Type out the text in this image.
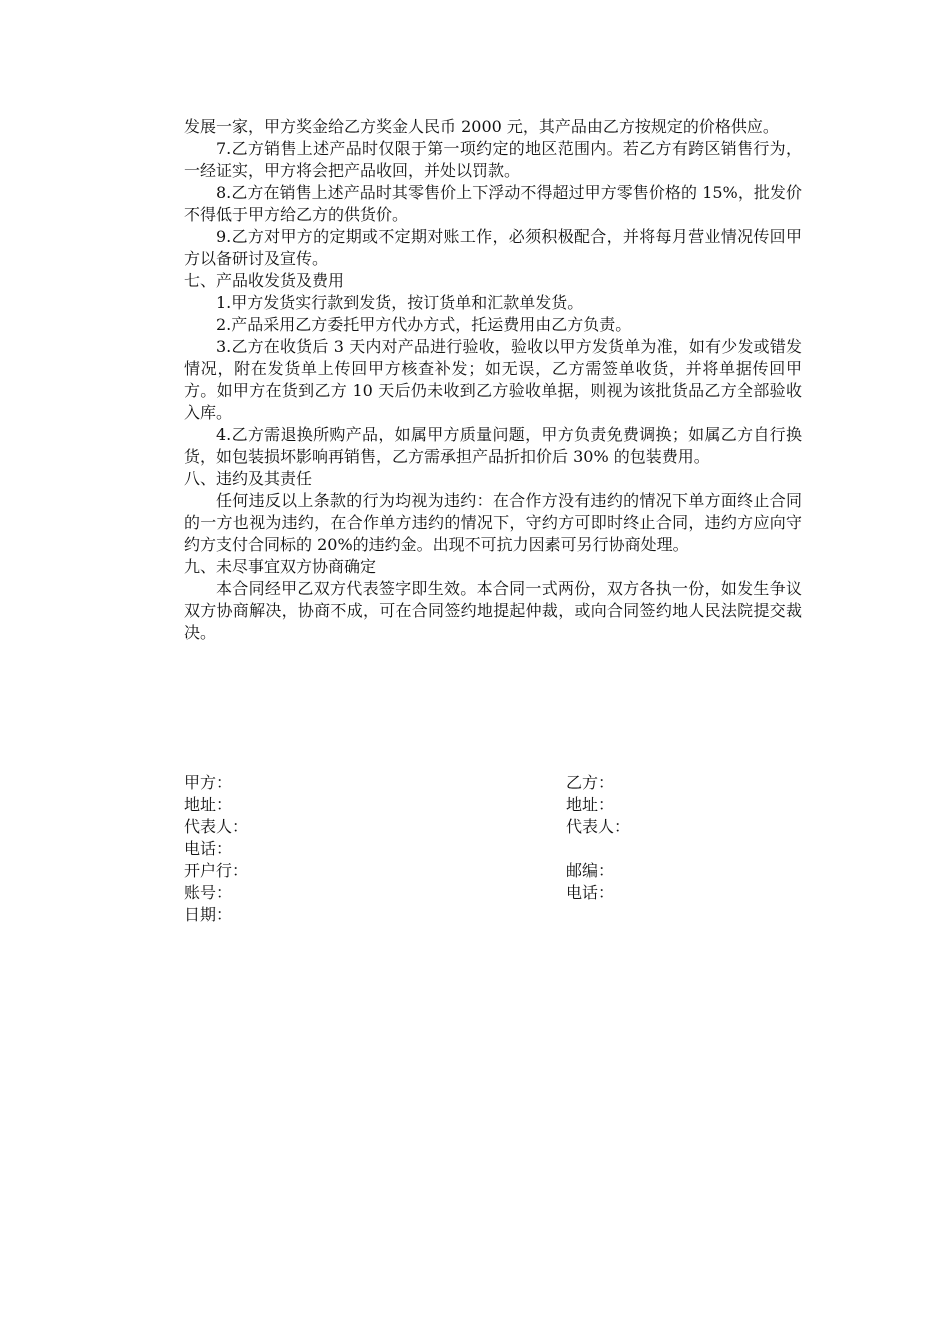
发展一家，甲方奖金给乙方奖金人民币 2000 元，其产品由乙方按规定的价格供应。

7.乙方销售上述产品时仅限于第一项约定的地区范围内。若乙方有跨区销售行为，一经证实，甲方将会把产品收回，并处以罚款。

8.乙方在销售上述产品时其零售价上下浮动不得超过甲方零售价格的 15%，批发价不得低于甲方给乙方的供货价。

9.乙方对甲方的定期或不定期对账工作，必须积极配合，并将每月营业情况传回甲方以备研讨及宣传。

七、产品收发货及费用

1.甲方发货实行款到发货，按订货单和汇款单发货。

2.产品采用乙方委托甲方代办方式，托运费用由乙方负责。

3.乙方在收货后 3 天内对产品进行验收，验收以甲方发货单为准，如有少发或错发情况，附在发货单上传回甲方核查补发；如无误，乙方需签单收货，并将单据传回甲方。如甲方在货到乙方 10 天后仍未收到乙方验收单据，则视为该批货品乙方全部验收入库。

4.乙方需退换所购产品，如属甲方质量问题，甲方负责免费调换；如属乙方自行换货，如包装损坏影响再销售，乙方需承担产品折扣价后 30% 的包装费用。

八、违约及其责任

任何违反以上条款的行为均视为违约：在合作方没有违约的情况下单方面终止合同的一方也视为违约，在合作单方违约的情况下，守约方可即时终止合同，违约方应向守约方支付合同标的 20%的违约金。出现不可抗力因素可另行协商处理。

九、未尽事宜双方协商确定

本合同经甲乙双方代表签字即生效。本合同一式两份，双方各执一份，如发生争议双方协商解决，协商不成，可在合同签约地提起仲裁，或向合同签约地人民法院提交裁决。

甲方：	乙方：
地址：	地址：
代表人：	代表人：
电话：
开户行：	邮编：
账号：	电话：
日期：
